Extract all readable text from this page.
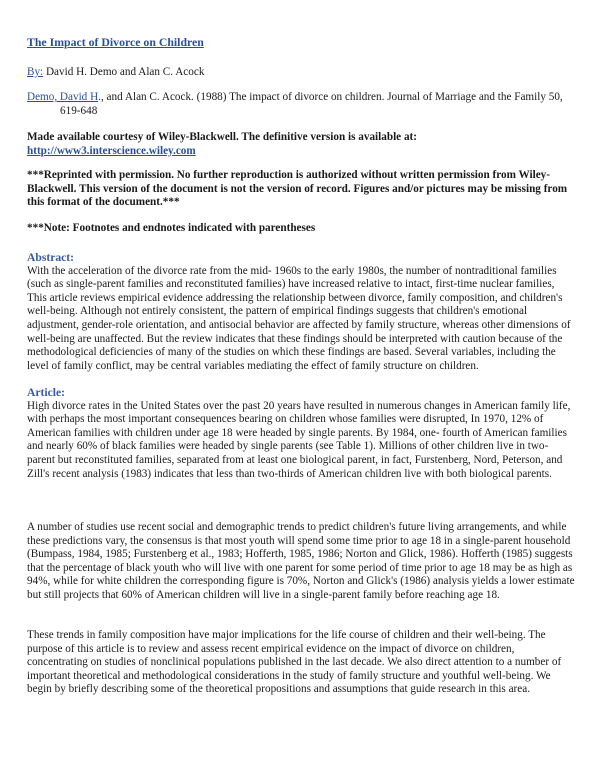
The Impact of Divorce on Children

By: David H. Demo and Alan C. Acock

Demo, David H., and Alan C. Acock. (1988) The impact of divorce on children. Journal of Marriage and the Family 50, 619-648

Made available courtesy of Wiley-Blackwell. The definitive version is available at:
http://www3.interscience.wiley.com

***Reprinted with permission. No further reproduction is authorized without written permission from Wiley-Blackwell. This version of the document is not the version of record. Figures and/or pictures may be missing from this format of the document.***

***Note: Footnotes and endnotes indicated with parentheses

Abstract:
With the acceleration of the divorce rate from the mid- 1960s to the early 1980s, the number of nontraditional families (such as single-parent families and reconstituted families) have increased relative to intact, first-time nuclear families, This article reviews empirical evidence addressing the relationship between divorce, family composition, and children's well-being. Although not entirely consistent, the pattern of empirical findings suggests that children's emotional adjustment, gender-role orientation, and antisocial behavior are affected by family structure, whereas other dimensions of well-being are unaffected. But the review indicates that these findings should be interpreted with caution because of the methodological deficiencies of many of the studies on which these findings are based. Several variables, including the level of family conflict, may be central variables mediating the effect of family structure on children.
Article:
High divorce rates in the United States over the past 20 years have resulted in numerous changes in American family life, with perhaps the most important consequences bearing on children whose families were disrupted, In 1970, 12% of American families with children under age 18 were headed by single parents. By 1984, one- fourth of American families and nearly 60% of black families were headed by single parents (see Table 1). Millions of other children live in two- parent but reconstituted families, separated from at least one biological parent, in fact, Furstenberg, Nord, Peterson, and Zill's recent analysis (1983) indicates that less than two-thirds of American children live with both biological parents.

A number of studies use recent social and demographic trends to predict children's future living arrangements, and while these predictions vary, the consensus is that most youth will spend some time prior to age 18 in a single-parent household (Bumpass, 1984, 1985; Furstenberg et al., 1983; Hofferth, 1985, 1986; Norton and Glick, 1986). Hofferth (1985) suggests that the percentage of black youth who will live with one parent for some period of time prior to age 18 may be as high as 94%, while for white children the corresponding figure is 70%, Norton and Glick's (1986) analysis yields a lower estimate but still projects that 60% of American children will live in a single-parent family before reaching age 18.

These trends in family composition have major implications for the life course of children and their well-being. The purpose of this article is to review and assess recent empirical evidence on the impact of divorce on children, concentrating on studies of nonclinical populations published in the last decade. We also direct attention to a number of important theoretical and methodological considerations in the study of family structure and youthful well-being. We begin by briefly describing some of the theoretical propositions and assumptions that guide research in this area.
